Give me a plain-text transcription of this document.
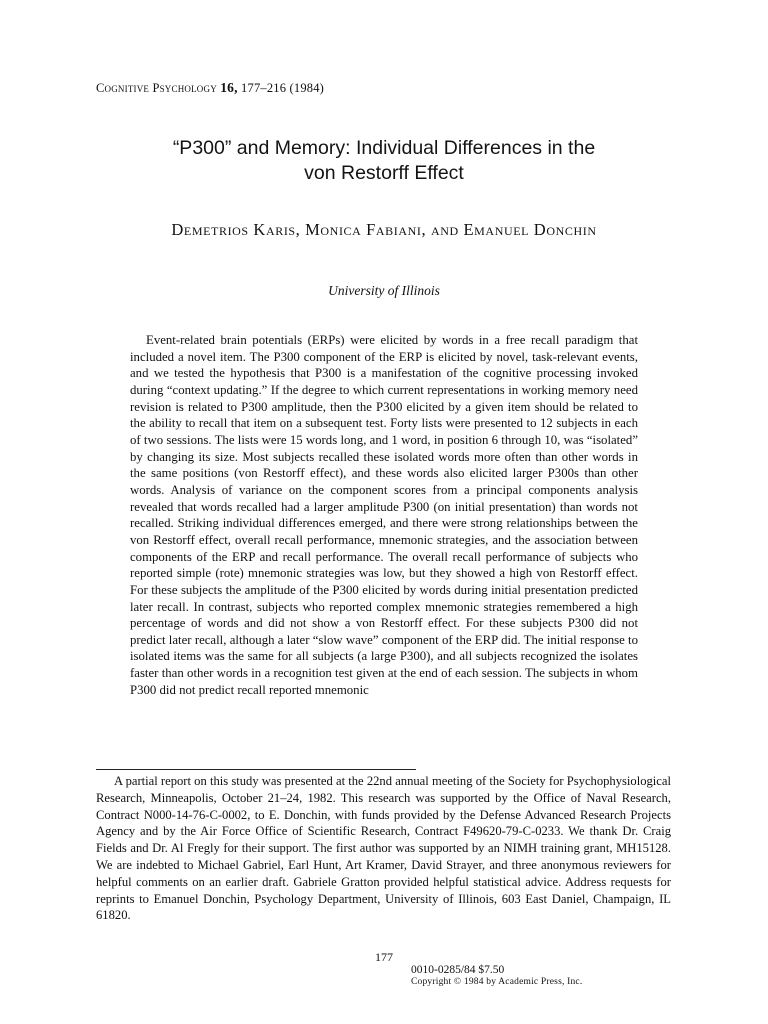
Cognitive Psychology 16, 177–216 (1984)
“P300” and Memory: Individual Differences in the
von Restorff Effect
Demetrios Karis, Monica Fabiani, and Emanuel Donchin
University of Illinois

Event-related brain potentials (ERPs) were elicited by words in a free recall paradigm that included a novel item. The P300 component of the ERP is elicited by novel, task-relevant events, and we tested the hypothesis that P300 is a manifestation of the cognitive processing invoked during “context updating.” If the degree to which current representations in working memory need revision is related to P300 amplitude, then the P300 elicited by a given item should be related to the ability to recall that item on a subsequent test. Forty lists were presented to 12 subjects in each of two sessions. The lists were 15 words long, and 1 word, in position 6 through 10, was “isolated” by changing its size. Most subjects recalled these isolated words more often than other words in the same positions (von Restorff effect), and these words also elicited larger P300s than other words. Analysis of variance on the component scores from a principal components analysis revealed that words recalled had a larger amplitude P300 (on initial presentation) than words not recalled. Striking individual differences emerged, and there were strong relationships between the von Restorff effect, overall recall performance, mnemonic strategies, and the association between components of the ERP and recall performance. The overall recall performance of subjects who reported simple (rote) mnemonic strategies was low, but they showed a high von Restorff effect. For these subjects the amplitude of the P300 elicited by words during initial presentation predicted later recall. In contrast, subjects who reported complex mnemonic strategies remembered a high percentage of words and did not show a von Restorff effect. For these subjects P300 did not predict later recall, although a later “slow wave” component of the ERP did. The initial response to isolated items was the same for all subjects (a large P300), and all subjects recognized the isolates faster than other words in a recognition test given at the end of each session. The subjects in whom P300 did not predict recall reported mnemonic

A partial report on this study was presented at the 22nd annual meeting of the Society for Psychophysiological Research, Minneapolis, October 21–24, 1982. This research was supported by the Office of Naval Research, Contract N000-14-76-C-0002, to E. Donchin, with funds provided by the Defense Advanced Research Projects Agency and by the Air Force Office of Scientific Research, Contract F49620-79-C-0233. We thank Dr. Craig Fields and Dr. Al Fregly for their support. The first author was supported by an NIMH training grant, MH15128. We are indebted to Michael Gabriel, Earl Hunt, Art Kramer, David Strayer, and three anonymous reviewers for helpful comments on an earlier draft. Gabriele Gratton provided helpful statistical advice. Address requests for reprints to Emanuel Donchin, Psychology Department, University of Illinois, 603 East Daniel, Champaign, IL 61820.

177
0010-0285/84 $7.50
Copyright © 1984 by Academic Press, Inc.
